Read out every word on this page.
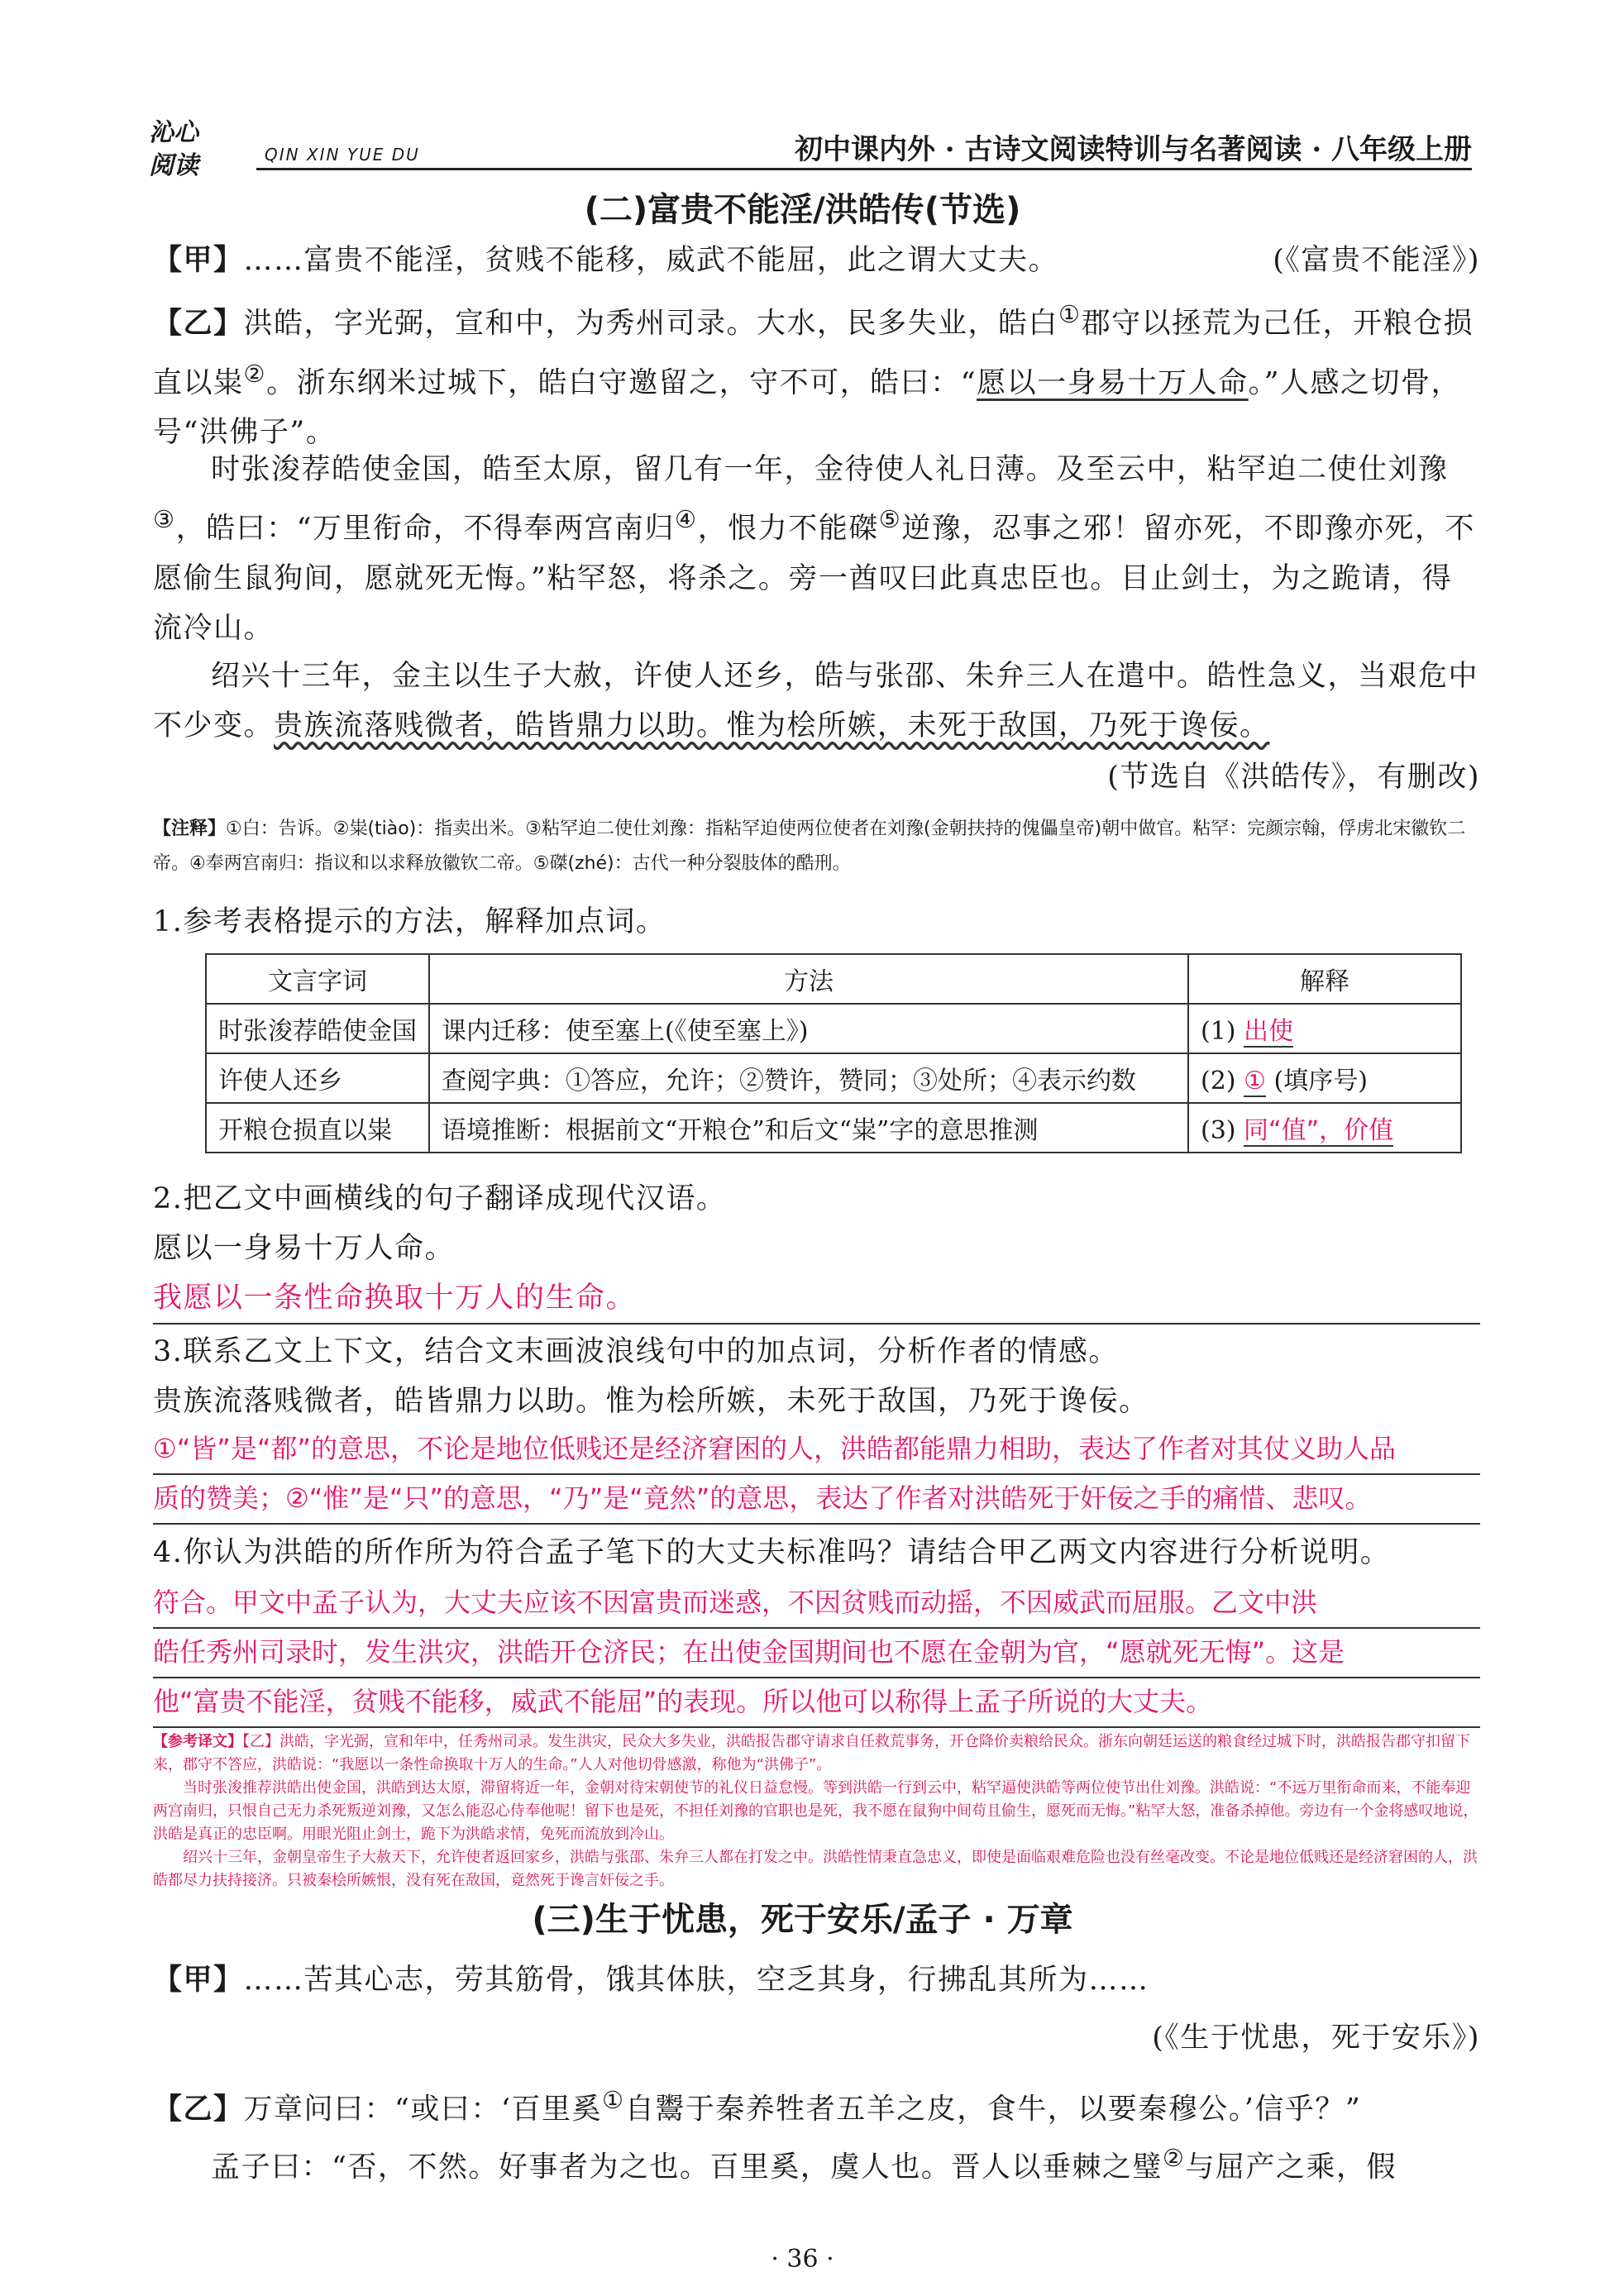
沁心
阅读	QIN XIN YUE DU	初中课内外 · 古诗文阅读特训与名著阅读 · 八年级上册
(二)富贵不能淫/洪皓传(节选)
【甲】……富贵不能淫，贫贱不能移，威武不能屈，此之谓大丈夫。	(《富贵不能淫》)
【乙】洪皓，字光弼，宣和中，为秀州司录。大水，民多失业，皓白①郡守以拯荒为己任，开粮仓损直以粜②。浙东纲米过城下，皓白守邀留之，守不可，皓曰：“愿以一身易十万人命。”人感之切骨，号“洪佛子”。
时张浚荐皓使金国，皓至太原，留几有一年，金待使人礼日薄。及至云中，粘罕迫二使仕刘豫③，皓曰：“万里衔命，不得奉两宫南归④，恨力不能磔⑤逆豫，忍事之邪！留亦死，不即豫亦死，不愿偷生鼠狗间，愿就死无悔。”粘罕怒，将杀之。旁一酋叹曰此真忠臣也。目止剑士，为之跪请，得流冷山。
绍兴十三年，金主以生子大赦，许使人还乡，皓与张邵、朱弁三人在遣中。皓性急义，当艰危中不少变。贵族流落贱微者，皓皆鼎力以助。惟为桧所嫉，未死于敌国，乃死于谗佞。
(节选自《洪皓传》，有删改)
【注释】①白：告诉。②粜(tiào)：指卖出米。③粘罕迫二使仕刘豫：指粘罕迫使两位使者在刘豫(金朝扶持的傀儡皇帝)朝中做官。粘罕：完颜宗翰，俘虏北宋徽钦二帝。④奉两宫南归：指议和以求释放徽钦二帝。⑤磔(zhé)：古代一种分裂肢体的酷刑。
1.参考表格提示的方法，解释加点词。
文言字词	方法	解释
时张浚荐皓使金国	课内迁移：使至塞上(《使至塞上》)	(1) 出使
许使人还乡	查阅字典：①答应，允许；②赞许，赞同；③处所；④表示约数	(2) ① (填序号)
开粮仓损直以粜	语境推断：根据前文“开粮仓”和后文“粜”字的意思推测	(3) 同“值”，价值
2.把乙文中画横线的句子翻译成现代汉语。
愿以一身易十万人命。
我愿以一条性命换取十万人的生命。
3.联系乙文上下文，结合文末画波浪线句中的加点词，分析作者的情感。
贵族流落贱微者，皓皆鼎力以助。惟为桧所嫉，未死于敌国，乃死于谗佞。
①“皆”是“都”的意思，不论是地位低贱还是经济窘困的人，洪皓都能鼎力相助，表达了作者对其仗义助人品
质的赞美；②“惟”是“只”的意思，“乃”是“竟然”的意思，表达了作者对洪皓死于奸佞之手的痛惜、悲叹。
4.你认为洪皓的所作所为符合孟子笔下的大丈夫标准吗？请结合甲乙两文内容进行分析说明。
符合。甲文中孟子认为，大丈夫应该不因富贵而迷惑，不因贫贱而动摇，不因威武而屈服。乙文中洪
皓任秀州司录时，发生洪灾，洪皓开仓济民；在出使金国期间也不愿在金朝为官，“愿就死无悔”。这是
他“富贵不能淫，贫贱不能移，威武不能屈”的表现。所以他可以称得上孟子所说的大丈夫。
【参考译文】【乙】洪皓，字光弼，宣和年中，任秀州司录。发生洪灾，民众大多失业，洪皓报告郡守请求自任救荒事务，开仓降价卖粮给民众。浙东向朝廷运送的粮食经过城下时，洪皓报告郡守扣留下来，郡守不答应，洪皓说：“我愿以一条性命换取十万人的生命。”人人对他切骨感激，称他为“洪佛子”。
当时张浚推荐洪皓出使金国，洪皓到达太原，滞留将近一年，金朝对待宋朝使节的礼仪日益怠慢。等到洪皓一行到云中，粘罕逼使洪皓等两位使节出仕刘豫。洪皓说：“不远万里衔命而来，不能奉迎两宫南归，只恨自己无力杀死叛逆刘豫，又怎么能忍心侍奉他呢！留下也是死，不担任刘豫的官职也是死，我不愿在鼠狗中间苟且偷生，愿死而无悔。”粘罕大怒，准备杀掉他。旁边有一个金将感叹地说，洪皓是真正的忠臣啊。用眼光阻止剑士，跪下为洪皓求情，免死而流放到冷山。
绍兴十三年，金朝皇帝生子大赦天下，允许使者返回家乡，洪皓与张邵、朱弁三人都在打发之中。洪皓性情秉直急忠义，即使是面临艰难危险也没有丝毫改变。不论是地位低贱还是经济窘困的人，洪皓都尽力扶持接济。只被秦桧所嫉恨，没有死在敌国，竟然死于谗言奸佞之手。
(三)生于忧患，死于安乐/孟子 · 万章
【甲】……苦其心志，劳其筋骨，饿其体肤，空乏其身，行拂乱其所为……
(《生于忧患，死于安乐》)
【乙】万章问曰：“或曰：‘百里奚①自鬻于秦养牲者五羊之皮，食牛，以要秦穆公。’信乎？”
孟子曰：“否，不然。好事者为之也。百里奚，虞人也。晋人以垂棘之璧②与屈产之乘，假
· 36 ·
